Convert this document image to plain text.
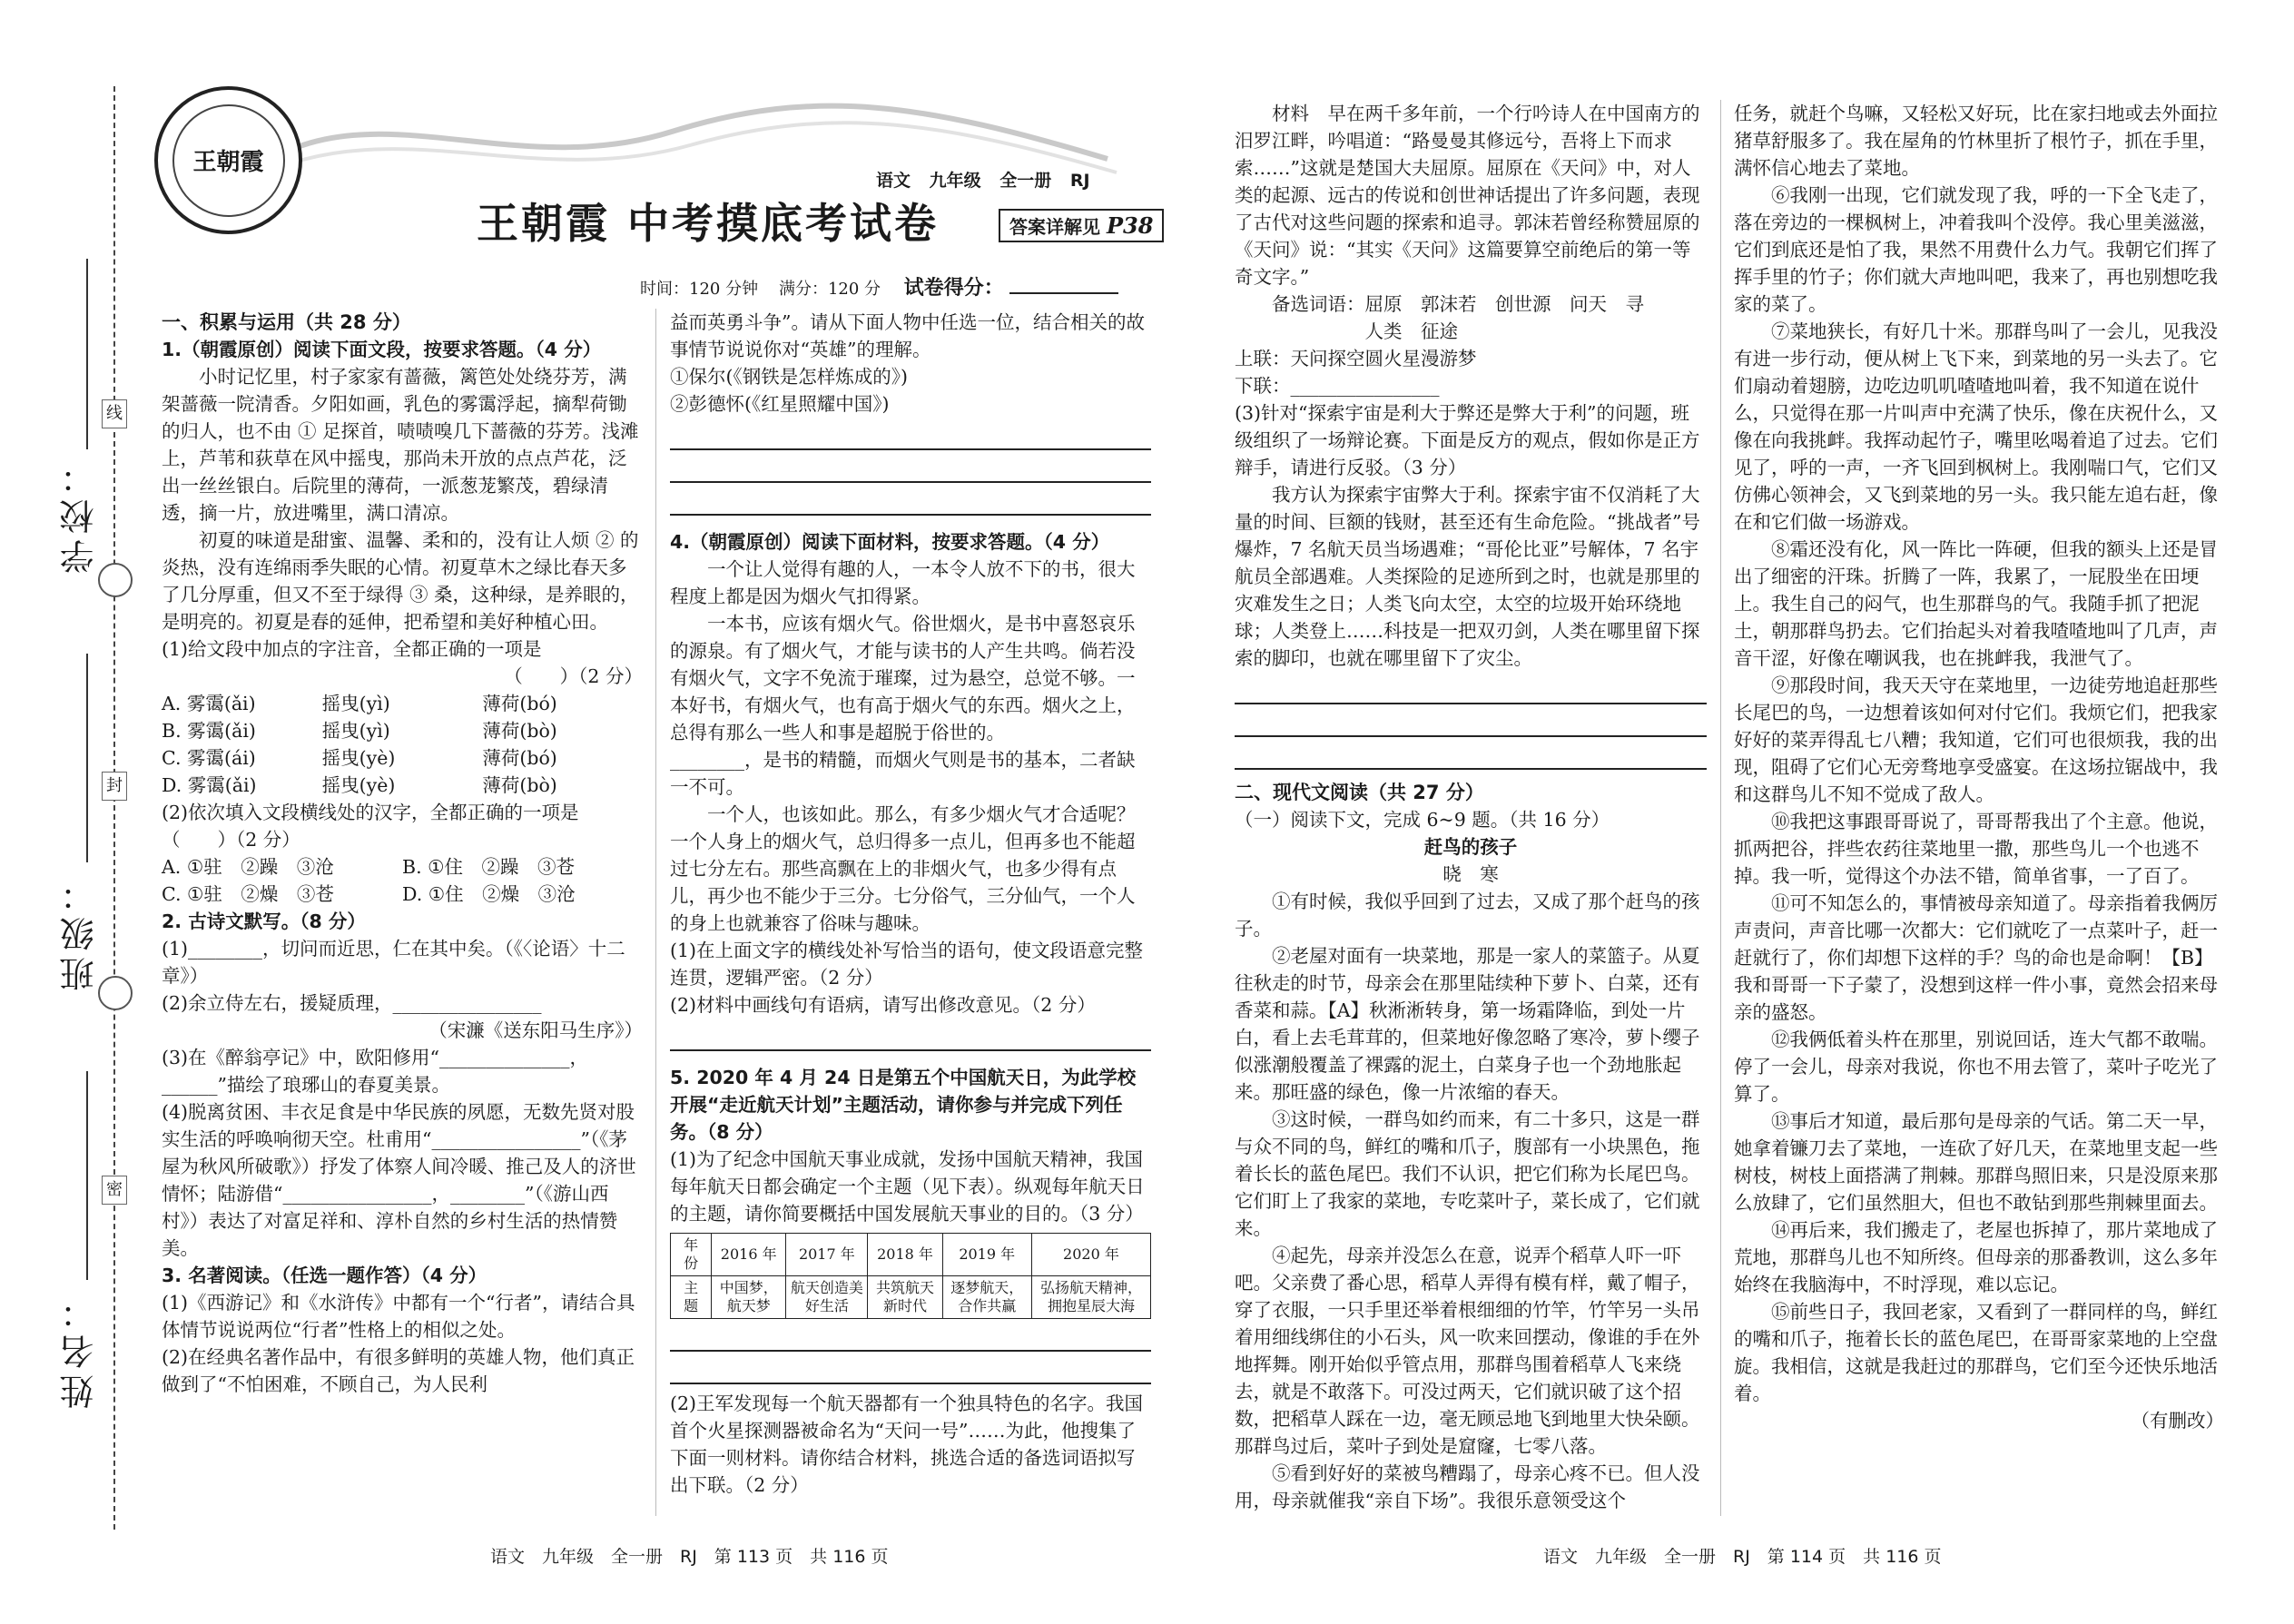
线
封
密
学校：
班级：
姓名：
王朝霞
王朝霞 中考摸底考试卷
语文 九年级 全一册 RJ
答案详解见 P38
时间：120 分钟 满分：120 分 试卷得分：

一、积累与运用（共 28 分）

1.（朝霞原创）阅读下面文段，按要求答题。（4 分）

小时记忆里，村子家家有蔷薇，篱笆处处绕芬芳，满架蔷薇一院清香。夕阳如画，乳色的雾霭浮起，摘犁荷锄的归人，也不由 ① 足探首，啧啧嗅几下蔷薇的芬芳。浅滩上，芦苇和荻草在风中摇曳，那尚未开放的点点芦花，泛出一丝丝银白。后院里的薄荷，一派葱茏繁茂，碧绿清透，摘一片，放进嘴里，满口清凉。

初夏的味道是甜蜜、温馨、柔和的，没有让人烦 ② 的炎热，没有连绵雨季失眠的心情。初夏草木之绿比春天多了几分厚重，但又不至于绿得 ③ 桑，这种绿，是养眼的，是明亮的。初夏是春的延伸，把希望和美好种植心田。

(1)给文段中加点的字注音，全都正确的一项是

（　　）（2 分）

A. 雾霭(ǎi)	摇曳(yì)	薄荷(bó)
B. 雾霭(ǎi)	摇曳(yì)	薄荷(bò)
C. 雾霭(ái)	摇曳(yè)	薄荷(bó)
D. 雾霭(ǎi)	摇曳(yè)	薄荷(bò)

(2)依次填入文段横线处的汉字，全都正确的一项是（　　）（2 分）

A. ①驻　②躁　③沧	B. ①住　②躁　③苍
C. ①驻　②燥　③苍	D. ①住　②燥　③沧

2. 古诗文默写。（8 分）

(1)________，切问而近思，仁在其中矣。（《〈论语〉十二章》）

(2)余立侍左右，援疑质理，________________

（宋濂《送东阳马生序》）

(3)在《醉翁亭记》中，欧阳修用“______________，______”描绘了琅琊山的春夏美景。

(4)脱离贫困、丰衣足食是中华民族的夙愿，无数先贤对股实生活的呼唤响彻天空。杜甫用“________________”（《茅屋为秋风所破歌》）抒发了体察人间冷暖、推己及人的济世情怀；陆游借“________________，________”（《游山西村》）表达了对富足祥和、淳朴自然的乡村生活的热情赞美。

3. 名著阅读。（任选一题作答）（4 分）

(1)《西游记》和《水浒传》中都有一个“行者”，请结合具体情节说说两位“行者”性格上的相似之处。

(2)在经典名著作品中，有很多鲜明的英雄人物，他们真正做到了“不怕困难，不顾自己，为人民利

益而英勇斗争”。请从下面人物中任选一位，结合相关的故事情节说说你对“英雄”的理解。

①保尔(《钢铁是怎样炼成的》)

②彭德怀(《红星照耀中国》)

4.（朝霞原创）阅读下面材料，按要求答题。（4 分）

一个让人觉得有趣的人，一本令人放不下的书，很大程度上都是因为烟火气扣得紧。

一本书，应该有烟火气。俗世烟火，是书中喜怒哀乐的源泉。有了烟火气，才能与读书的人产生共鸣。倘若没有烟火气，文字不免流于璀璨，过为悬空，总觉不够。一本好书，有烟火气，也有高于烟火气的东西。烟火之上，总得有那么一些人和事是超脱于俗世的。

________，是书的精髓，而烟火气则是书的基本，二者缺一不可。

一个人，也该如此。那么，有多少烟火气才合适呢？一个人身上的烟火气，总归得多一点儿，但再多也不能超过七分左右。那些高飘在上的非烟火气，也多少得有点儿，再少也不能少于三分。七分俗气，三分仙气，一个人的身上也就兼容了俗味与趣味。

(1)在上面文字的横线处补写恰当的语句，使文段语意完整连贯，逻辑严密。（2 分）

(2)材料中画线句有语病，请写出修改意见。（2 分）

5. 2020 年 4 月 24 日是第五个中国航天日，为此学校开展“走近航天计划”主题活动，请你参与并完成下列任务。（8 分）

(1)为了纪念中国航天事业成就，发扬中国航天精神，我国每年航天日都会确定一个主题（见下表）。纵观每年航天日的主题，请你简要概括中国发展航天事业的目的。（3 分）

年　份	2016 年	2017 年	2018 年	2019 年	2020 年
主　题	中国梦，航天梦	航天创造美好生活	共筑航天新时代	逐梦航天，合作共赢	弘扬航天精神，拥抱星辰大海

(2)王军发现每一个航天器都有一个独具特色的名字。我国首个火星探测器被命名为“天问一号”……为此，他搜集了下面一则材料。请你结合材料，挑选合适的备选词语拟写出下联。（2 分）

材料　早在两千多年前，一个行吟诗人在中国南方的汨罗江畔，吟唱道：“路曼曼其修远兮，吾将上下而求索……”这就是楚国大夫屈原。屈原在《天问》中，对人类的起源、远古的传说和创世神话提出了许多问题，表现了古代对这些问题的探索和追寻。郭沫若曾经称赞屈原的《天问》说：“其实《天问》这篇要算空前绝后的第一等奇文字。”

备选词语：屈原　郭沫若　创世源　问天　寻

人类　征途

上联：天问探空圆火星漫游梦

下联：________________

(3)针对“探索宇宙是利大于弊还是弊大于利”的问题，班级组织了一场辩论赛。下面是反方的观点，假如你是正方辩手，请进行反驳。（3 分）

我方认为探索宇宙弊大于利。探索宇宙不仅消耗了大量的时间、巨额的钱财，甚至还有生命危险。“挑战者”号爆炸，7 名航天员当场遇难；“哥伦比亚”号解体，7 名宇航员全部遇难。人类探险的足迹所到之时，也就是那里的灾难发生之日；人类飞向太空，太空的垃圾开始环绕地球；人类登上……科技是一把双刃剑，人类在哪里留下探索的脚印，也就在哪里留下了灾尘。

二、现代文阅读（共 27 分）

（一）阅读下文，完成 6~9 题。（共 16 分）

赶鸟的孩子

晓　寒

①有时候，我似乎回到了过去，又成了那个赶鸟的孩子。

②老屋对面有一块菜地，那是一家人的菜篮子。从夏往秋走的时节，母亲会在那里陆续种下萝卜、白菜，还有香菜和蒜。【A】秋淅淅转身，第一场霜降临，到处一片白，看上去毛茸茸的，但菜地好像忽略了寒冷，萝卜缨子似涨潮般覆盖了裸露的泥土，白菜身子也一个劲地胀起来。那旺盛的绿色，像一片浓缩的春天。

③这时候，一群鸟如约而来，有二十多只，这是一群与众不同的鸟，鲜红的嘴和爪子，腹部有一小块黑色，拖着长长的蓝色尾巴。我们不认识，把它们称为长尾巴鸟。它们盯上了我家的菜地，专吃菜叶子，菜长成了，它们就来。

④起先，母亲并没怎么在意，说弄个稻草人吓一吓吧。父亲费了番心思，稻草人弄得有模有样，戴了帽子，穿了衣服，一只手里还举着根细细的竹竿，竹竿另一头吊着用细线绑住的小石头，风一吹来回摆动，像谁的手在外地挥舞。刚开始似乎管点用，那群鸟围着稻草人飞来绕去，就是不敢落下。可没过两天，它们就识破了这个招数，把稻草人踩在一边，毫无顾忌地飞到地里大快朵颐。那群鸟过后，菜叶子到处是窟窿，七零八落。

⑤看到好好的菜被鸟糟蹋了，母亲心疼不已。但人没用，母亲就催我“亲自下场”。我很乐意领受这个

任务，就赶个鸟嘛，又轻松又好玩，比在家扫地或去外面拉猪草舒服多了。我在屋角的竹林里折了根竹子，抓在手里，满怀信心地去了菜地。

⑥我刚一出现，它们就发现了我，呼的一下全飞走了，落在旁边的一棵枫树上，冲着我叫个没停。我心里美滋滋，它们到底还是怕了我，果然不用费什么力气。我朝它们挥了挥手里的竹子；你们就大声地叫吧，我来了，再也别想吃我家的菜了。

⑦菜地狭长，有好几十米。那群鸟叫了一会儿，见我没有进一步行动，便从树上飞下来，到菜地的另一头去了。它们扇动着翅膀，边吃边叽叽喳喳地叫着，我不知道在说什么，只觉得在那一片叫声中充满了快乐，像在庆祝什么，又像在向我挑衅。我挥动起竹子，嘴里吆喝着追了过去。它们见了，呼的一声，一齐飞回到枫树上。我刚喘口气，它们又仿佛心领神会，又飞到菜地的另一头。我只能左追右赶，像在和它们做一场游戏。

⑧霜还没有化，风一阵比一阵硬，但我的额头上还是冒出了细密的汗珠。折腾了一阵，我累了，一屁股坐在田埂上。我生自己的闷气，也生那群鸟的气。我随手抓了把泥土，朝那群鸟扔去。它们抬起头对着我喳喳地叫了几声，声音干涩，好像在嘲讽我，也在挑衅我，我泄气了。

⑨那段时间，我天天守在菜地里，一边徒劳地追赶那些长尾巴的鸟，一边想着该如何对付它们。我烦它们，把我家好好的菜弄得乱七八糟；我知道，它们可也很烦我，我的出现，阻碍了它们心无旁骛地享受盛宴。在这场拉锯战中，我和这群鸟儿不知不觉成了敌人。

⑩我把这事跟哥哥说了，哥哥帮我出了个主意。他说，抓两把谷，拌些农药往菜地里一撒，那些鸟儿一个也逃不掉。我一听，觉得这个办法不错，简单省事，一了百了。

⑪可不知怎么的，事情被母亲知道了。母亲指着我俩厉声责问，声音比哪一次都大：它们就吃了一点菜叶子，赶一赶就行了，你们却想下这样的手？鸟的命也是命啊！【B】我和哥哥一下子蒙了，没想到这样一件小事，竟然会招来母亲的盛怒。

⑫我俩低着头杵在那里，别说回话，连大气都不敢喘。停了一会儿，母亲对我说，你也不用去管了，菜叶子吃光了算了。

⑬事后才知道，最后那句是母亲的气话。第二天一早，她拿着镰刀去了菜地，一连砍了好几天，在菜地里支起一些树枝，树枝上面搭满了荆棘。那群鸟照旧来，只是没原来那么放肆了，它们虽然胆大，但也不敢钻到那些荆棘里面去。

⑭再后来，我们搬走了，老屋也拆掉了，那片菜地成了荒地，那群鸟儿也不知所终。但母亲的那番教训，这么多年始终在我脑海中，不时浮现，难以忘记。

⑮前些日子，我回老家，又看到了一群同样的鸟，鲜红的嘴和爪子，拖着长长的蓝色尾巴，在哥哥家菜地的上空盘旋。我相信，这就是我赶过的那群鸟，它们至今还快乐地活着。

（有删改）

语文　九年级　全一册　RJ　第 113 页　共 116 页	语文　九年级　全一册　RJ　第 114 页　共 116 页
